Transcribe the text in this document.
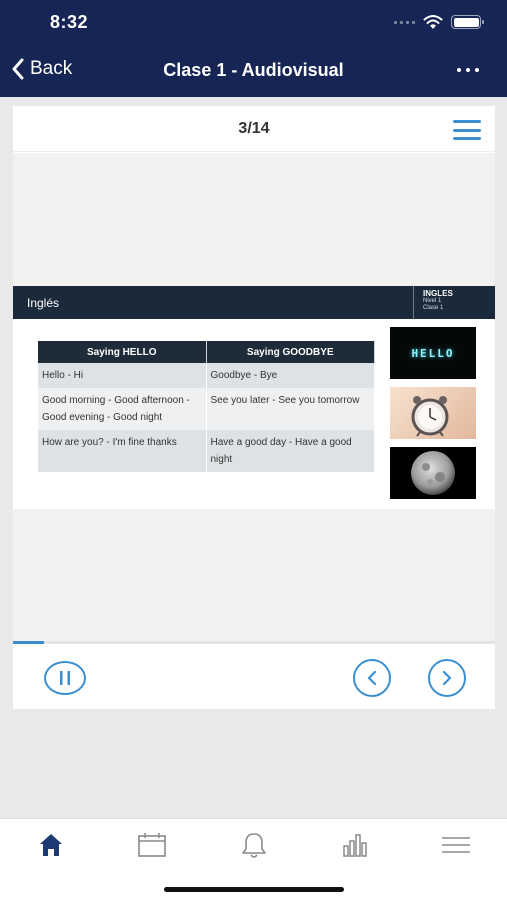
8:32
Back	Clase 1 - Audiovisual
3/14
Inglés
INGLES
Nivel 1
Clase 1
Saying HELLO	Saying GOODBYE
Hello - Hi	Goodbye - Bye
Good morning - Good afternoon - Good evening - Good night	See you later - See you tomorrow
How are you? - I'm fine thanks	Have a good day - Have a good night
HELLO
